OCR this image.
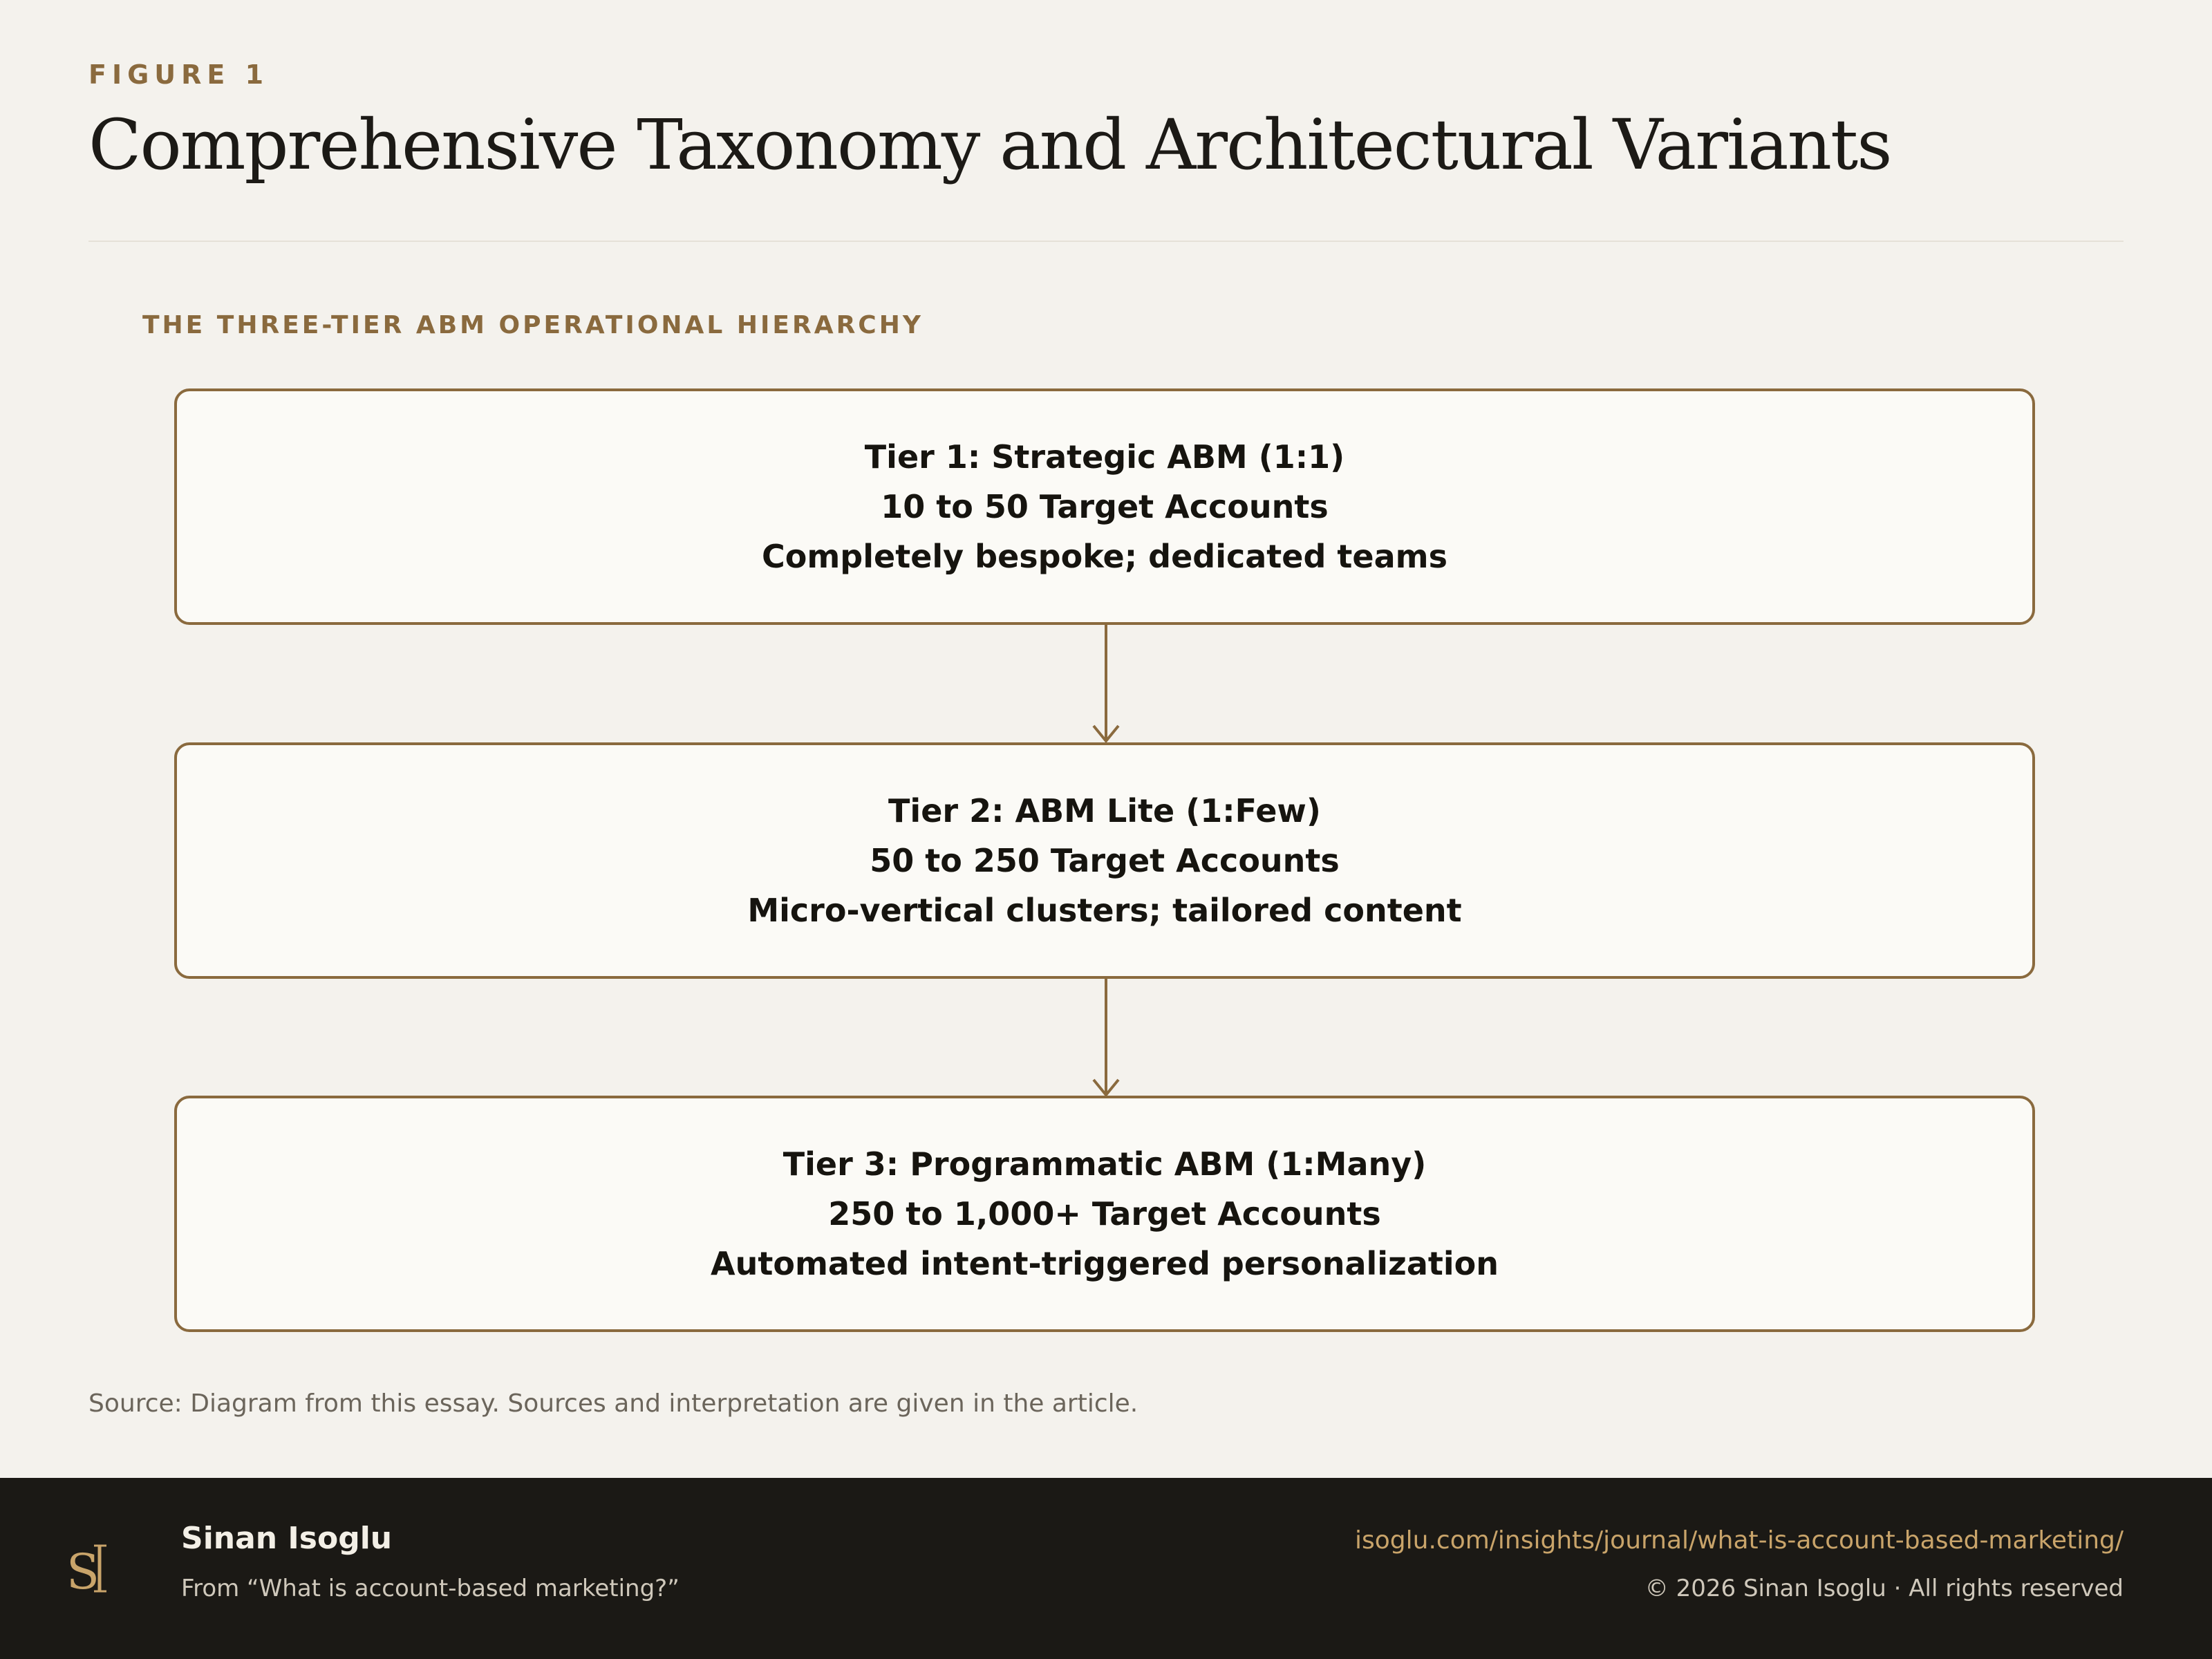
FIGURE 1
Comprehensive Taxonomy and Architectural Variants
THE THREE-TIER ABM OPERATIONAL HIERARCHY
Tier 1: Strategic ABM (1:1)
10 to 50 Target Accounts
Completely bespoke; dedicated teams
Tier 2: ABM Lite (1:Few)
50 to 250 Target Accounts
Micro-vertical clusters; tailored content
Tier 3: Programmatic ABM (1:Many)
250 to 1,000+ Target Accounts
Automated intent-triggered personalization
Source: Diagram from this essay. Sources and interpretation are given in the article.
S
Sinan Isoglu
From “What is account-based marketing?”
isoglu.com/insights/journal/what-is-account-based-marketing/
© 2026 Sinan Isoglu · All rights reserved
